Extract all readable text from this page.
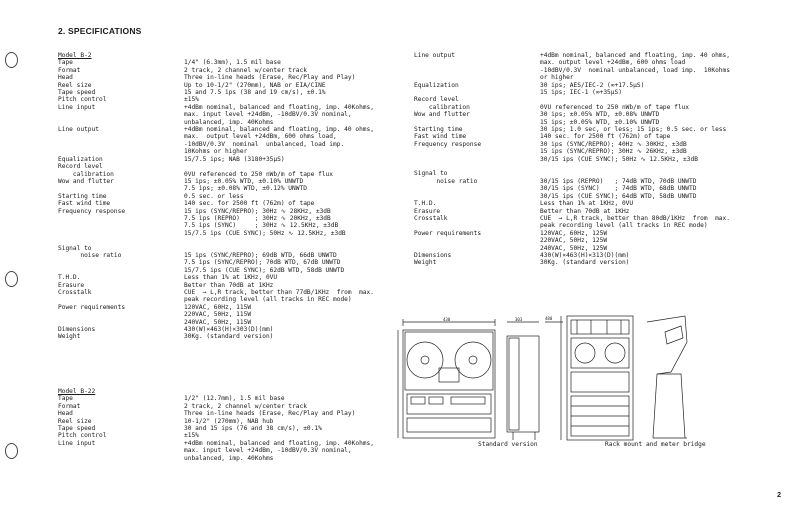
2. SPECIFICATIONS
Model B-2
Tape	1/4" (6.3mm), 1.5 mil base
Format	2 track, 2 channel w/center track
Head	Three in-line heads (Erase, Rec/Play and Play)
Reel size	Up to 10-1/2" (270mm), NAB or EIA/CINE
Tape speed	15 and 7.5 ips (38 and 19 cm/s), ±0.1%
Pitch control	±15%
Line input	+4dBm nominal, balanced and floating, imp. 40Kohms,
max. input level +24dBm, -10dBV/0.3V nominal,
unbalanced, imp. 40Kohms
Line output	+4dBm nominal, balanced and floating, imp. 40 ohms,
max.  output level +24dBm, 600 ohms load,
-10dBV/0.3V  nominal  unbalanced, load imp.
10Kohms or higher
Equalization	15/7.5 ips; NAB (3180+35μS)
Record level
calibration	0VU referenced to 250 nWb/m of tape flux
Wow and flutter	15 ips; ±0.05% WTD, ±0.10% UNWTD
7.5 ips; ±0.08% WTD, ±0.12% UNWTD
Starting time	0.5 sec. or less
Fast wind time	140 sec. for 2500 ft (762m) of tape
Frequency response	15 ips (SYNC/REPRO); 30Hz ∿ 28KHz, ±3dB
7.5 ips (REPRO)    ; 30Hz ∿ 20KHz, ±3dB
7.5 ips (SYNC)     ; 30Hz ∿ 12.5KHz, ±3dB
15/7.5 ips (CUE SYNC); 50Hz ∿ 12.5KHz, ±3dB
Signal to
noise ratio	15 ips (SYNC/REPRO); 69dB WTD, 66dB UNWTD
7.5 ips (SYNC/REPRO); 70dB WTD, 67dB UNWTD
15/7.5 ips (CUE SYNC); 62dB WTD, 58dB UNWTD
T.H.D.	Less than 1% at 1KHz, 0VU
Erasure	Better than 70dB at 1KHz
Crosstalk	CUE  → L,R track, better than 77dB/1KHz  from  max.
peak recording level (all tracks in REC mode)
Power requirements	120VAC, 60Hz, 115W
220VAC, 50Hz, 115W
240VAC, 50Hz, 115W
Dimensions	430(W)×463(H)×303(D)(mm)
Weight	30Kg. (standard version)
Model B-22
Tape	1/2" (12.7mm), 1.5 mil base
Format	2 track, 2 channel w/center track
Head	Three in-line heads (Erase, Rec/Play and Play)
Reel size	10-1/2" (270mm), NAB hub
Tape speed	30 and 15 ips (76 and 38 cm/s), ±0.1%
Pitch control	±15%
Line input	+4dBm nominal, balanced and floating, imp. 40Kohms,
max. input level +24dBm, -10dBV/0.3V nominal,
unbalanced, imp. 40Kohms
Line output	+4dBm nominal, balanced and floating, imp. 40 ohms,
max. output level +24dBm, 600 ohms load
-10dBV/0.3V  nominal unbalanced, load imp.  10Kohms
or higher
Equalization	30 ips; AES/IEC-2 (∞+17.5μS)
15 ips; IEC-1 (∞+35μS)
Record level
calibration	0VU referenced to 250 nWb/m of tape flux
Wow and flutter	30 ips; ±0.05% WTD, ±0.08% UNWTD
15 ips; ±0.05% WTD, ±0.10% UNWTD
Starting time	30 ips; 1.0 sec, or less; 15 ips; 0.5 sec. or less
Fast wind time	140 sec. for 2500 ft (762m) of tape
Frequency response	30 ips (SYNC/REPRO); 40Hz ∿ 30KHz, ±3dB
15 ips (SYNC/REPRO); 30Hz ∿ 26KHz, ±3dB
30/15 ips (CUE SYNC); 50Hz ∿ 12.5KHz, ±3dB
Signal to
noise ratio	30/15 ips (REPRO)   ; 74dB WTD, 70dB UNWTD
30/15 ips (SYNC)    ; 74dB WTD, 68dB UNWTD
30/15 ips (CUE SYNC); 64dB WTD, 58dB UNWTD
T.H.D.	Less than 1% at 1KHz, 0VU
Erasure	Better than 70dB at 1KHz
Crosstalk	CUE  → L,R track, better than 80dB/1KHz  from  max.
peak recording level (all tracks in REC mode)
Power requirements	120VAC, 60Hz, 125W
220VAC, 50Hz, 125W
240VAC, 50Hz, 125W
Dimensions	430(W)×463(H)×313(D)(mm)
Weight	30Kg. (standard version)
430	303	480
Standard version	Rack mount and meter bridge
2
